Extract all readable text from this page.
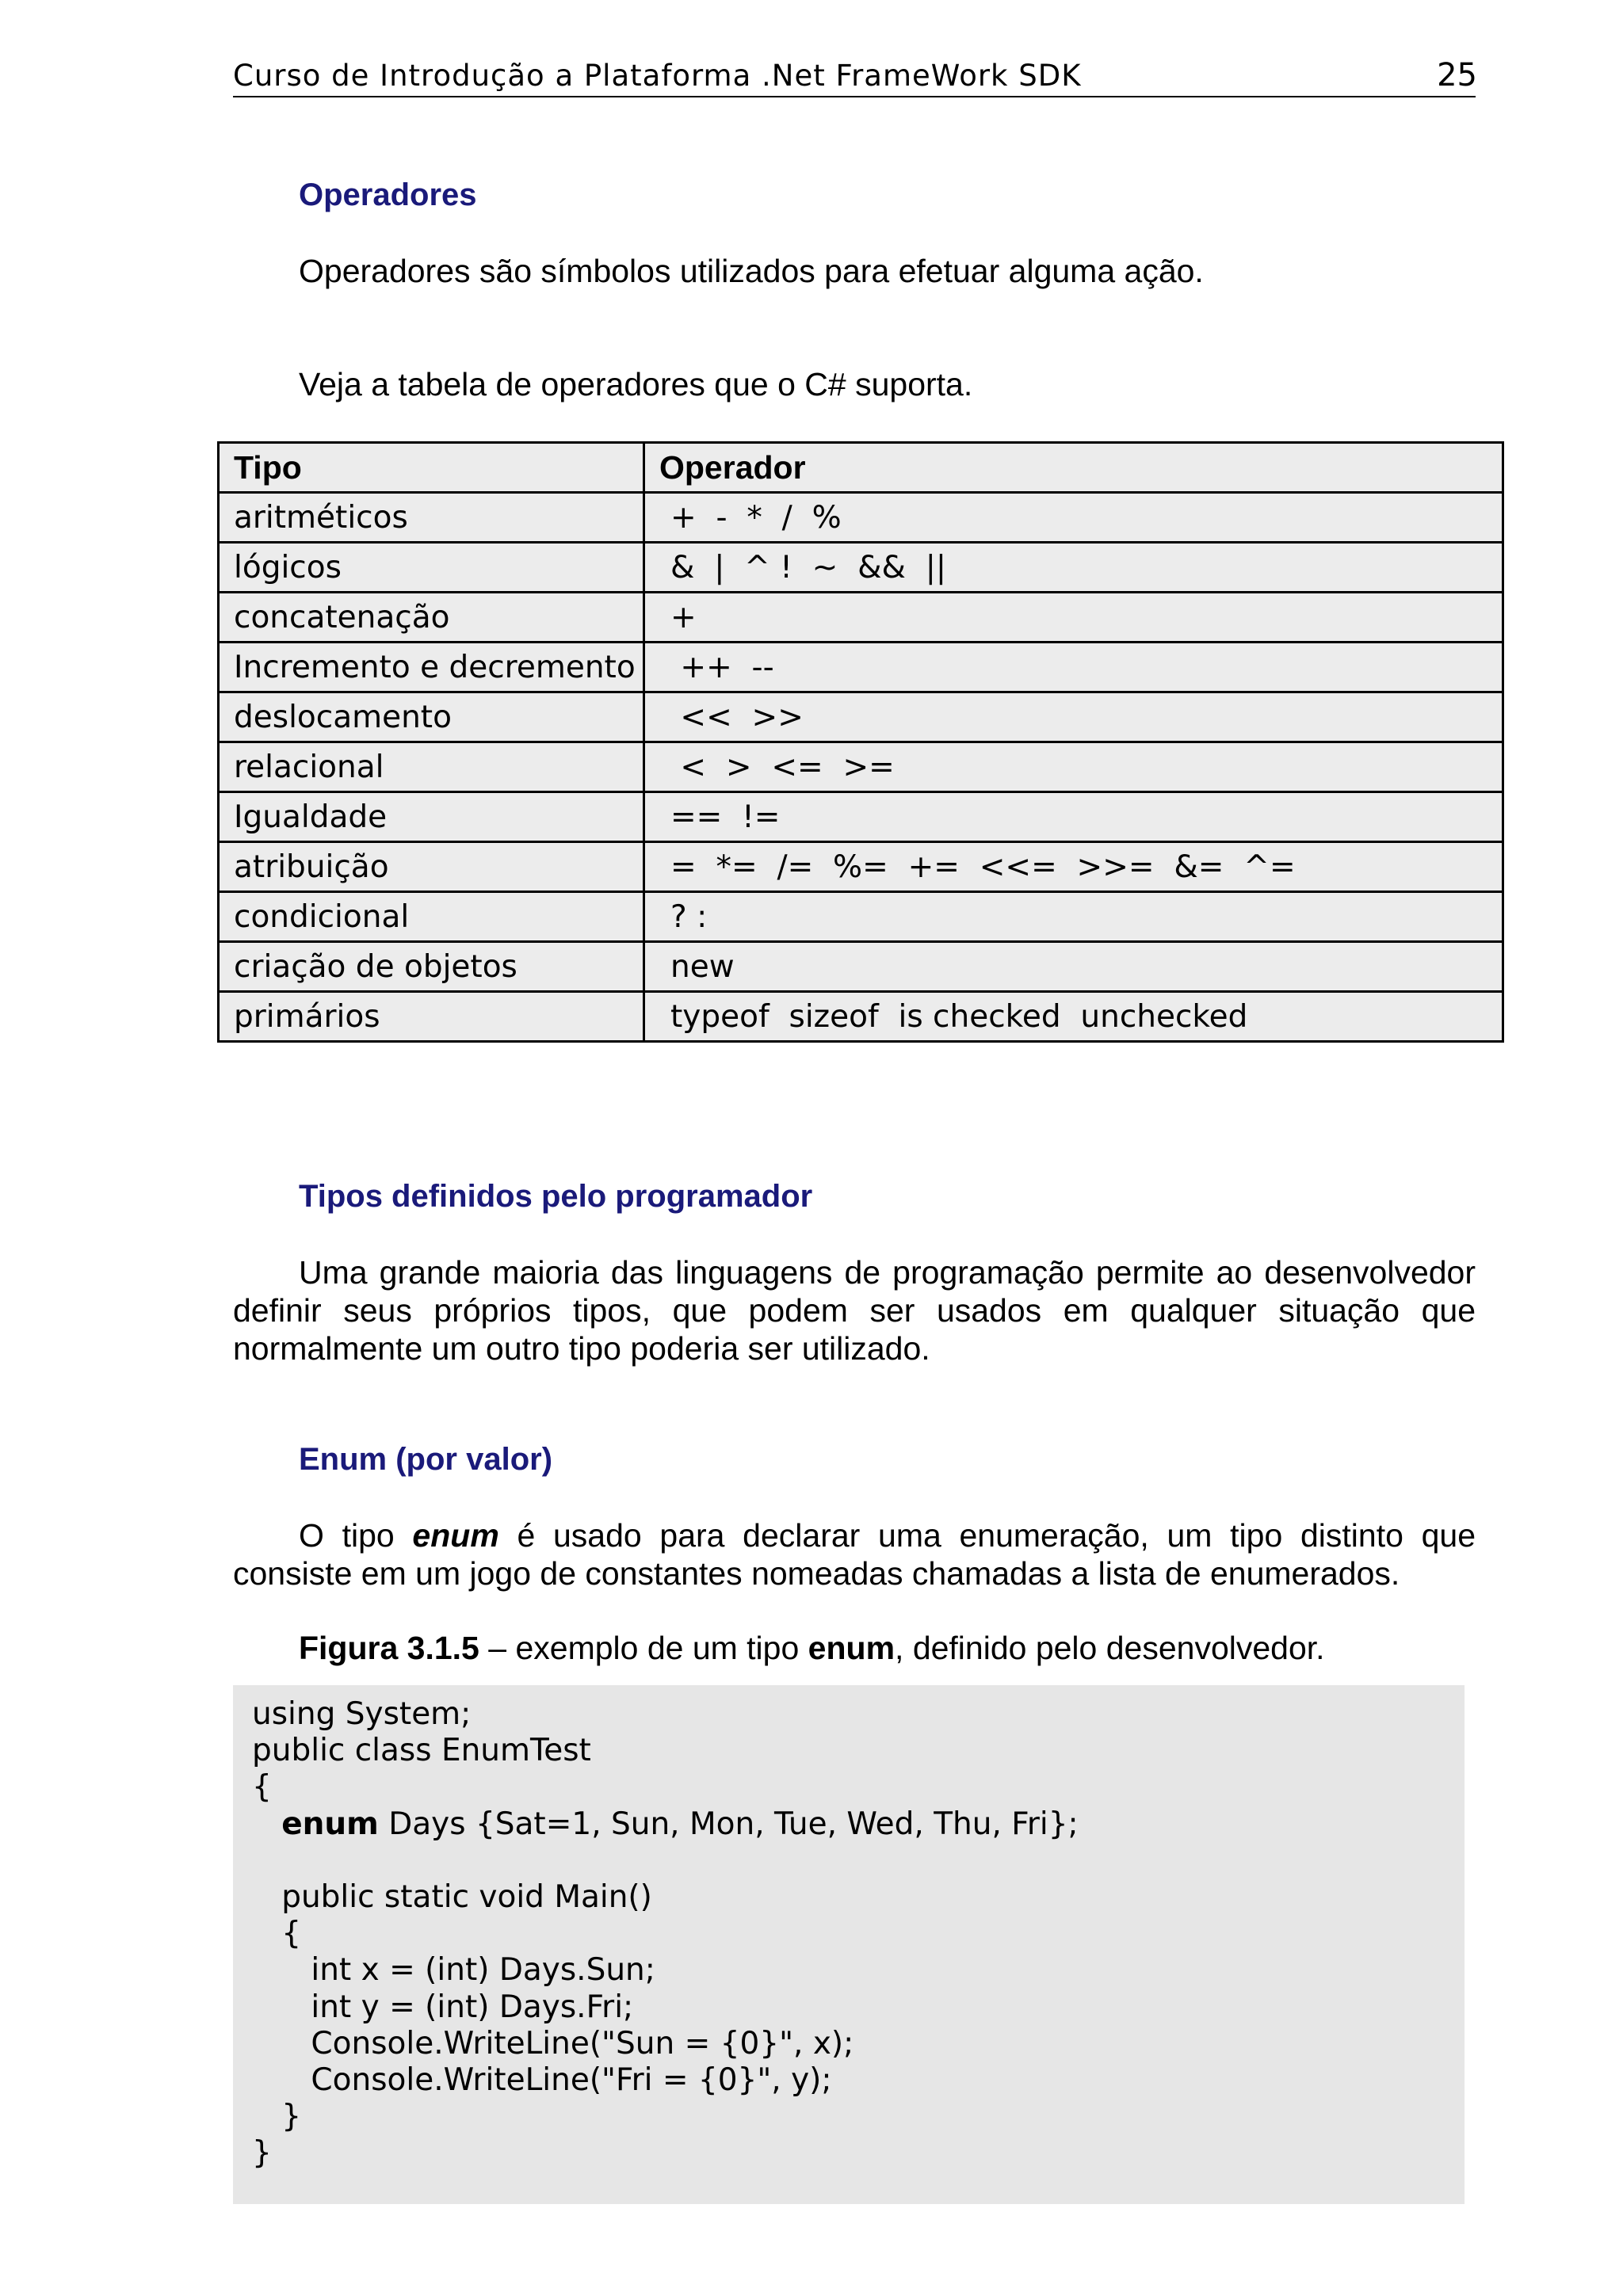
Curso de Introdução a Plataforma .Net FrameWork SDK	25
Operadores
Operadores são símbolos utilizados para efetuar alguma ação.
Veja a tabela de operadores que o C# suporta.
Tipo	Operador
aritméticos	+  -  *  /  %
lógicos	&  |  ^ !  ~  &&  ||
concatenação	+
Incremento e decremento	++  --
deslocamento	<<  >>
relacional	<  >  <=  >=
Igualdade	==  !=
atribuição	=  *=  /=  %=  +=  <<=  >>=  &=  ^=
condicional	? :
criação de objetos	new
primários	typeof  sizeof  is checked  unchecked
Tipos definidos pelo programador
Uma grande maioria das linguagens de programação permite ao desenvolvedor
definir seus próprios tipos, que podem ser usados em qualquer situação que
normalmente um outro tipo poderia ser utilizado.
Enum (por valor)
O tipo enum é usado para declarar uma enumeração, um tipo distinto que
consiste em um jogo de constantes nomeadas chamadas a lista de enumerados.
Figura 3.1.5 – exemplo de um tipo enum, definido pelo desenvolvedor.
using System;
public class EnumTest
{
enum Days {Sat=1, Sun, Mon, Tue, Wed, Thu, Fri};

public static void Main()
{
int x = (int) Days.Sun;
int y = (int) Days.Fri;
Console.WriteLine("Sun = {0}", x);
Console.WriteLine("Fri = {0}", y);
}
}
